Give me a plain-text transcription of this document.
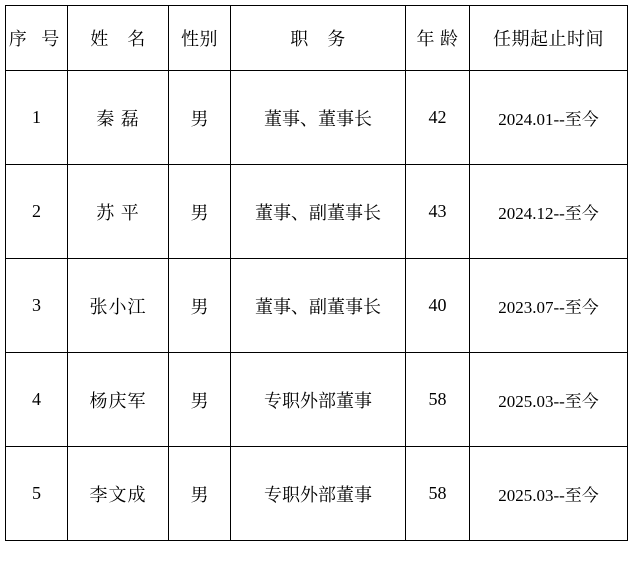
序 号	姓　名	性别	职　务	年 龄	任期起止时间
1	秦 磊	男	董事、董事长	42	2024.01--至今
2	苏 平	男	董事、副董事长	43	2024.12--至今
3	张小江	男	董事、副董事长	40	2023.07--至今
4	杨庆军	男	专职外部董事	58	2025.03--至今
5	李文成	男	专职外部董事	58	2025.03--至今
